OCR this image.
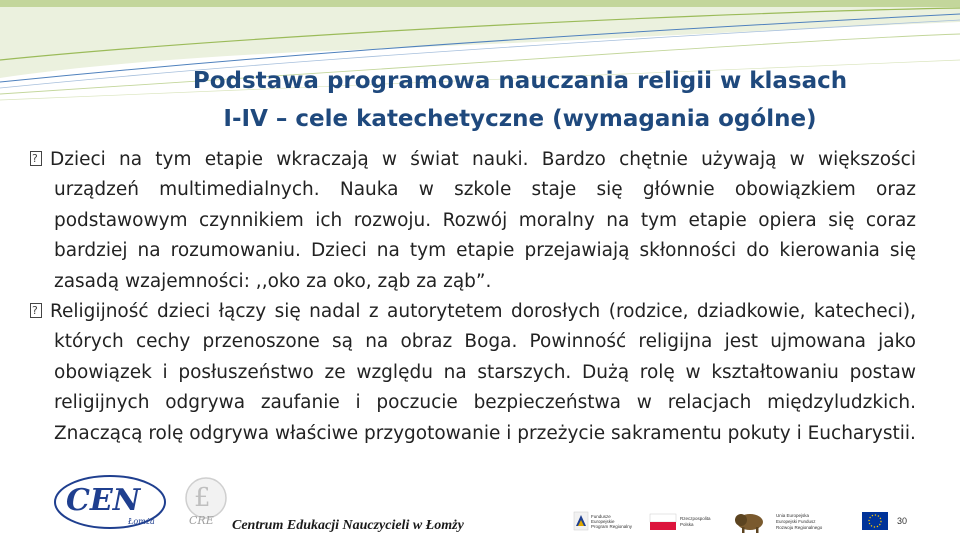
Podstawa programowa nauczania religii w klasach
I-IV – cele katechetyczne (wymagania ogólne)

?Dzieci na tym etapie wkraczają w świat nauki. Bardzo chętnie używają w większości urządzeń multimedialnych. Nauka w szkole staje się głównie obowiązkiem oraz podstawowym czynnikiem ich rozwoju. Rozwój moralny na tym etapie opiera się coraz bardziej na rozumowaniu. Dzieci na tym etapie przejawiają skłonności do kierowania się zasadą wzajemności: ,,oko za oko, ząb za ząb”.

?Religijność dzieci łączy się nadal z autorytetem dorosłych (rodzice, dziadkowie, katecheci), których cechy przenoszone są na obraz Boga. Powinność religijna jest ujmowana jako obowiązek i posłuszeństwo ze względu na starszych. Dużą rolę w kształtowaniu postaw religijnych odgrywa zaufanie i poczucie bezpieczeństwa w relacjach międzyludzkich. Znaczącą rolę odgrywa właściwe przygotowanie i przeżycie sakramentu pokuty i Eucharystii.

CEN
Łomża
£
CRE Centrum Edukacji Nauczycieli w Łomży
Fundusze
Europejskie
Program Regionalny
Rzeczpospolita
Polska
Unia Europejska
Europejski Fundusz
Rozwoju Regionalnego
30
